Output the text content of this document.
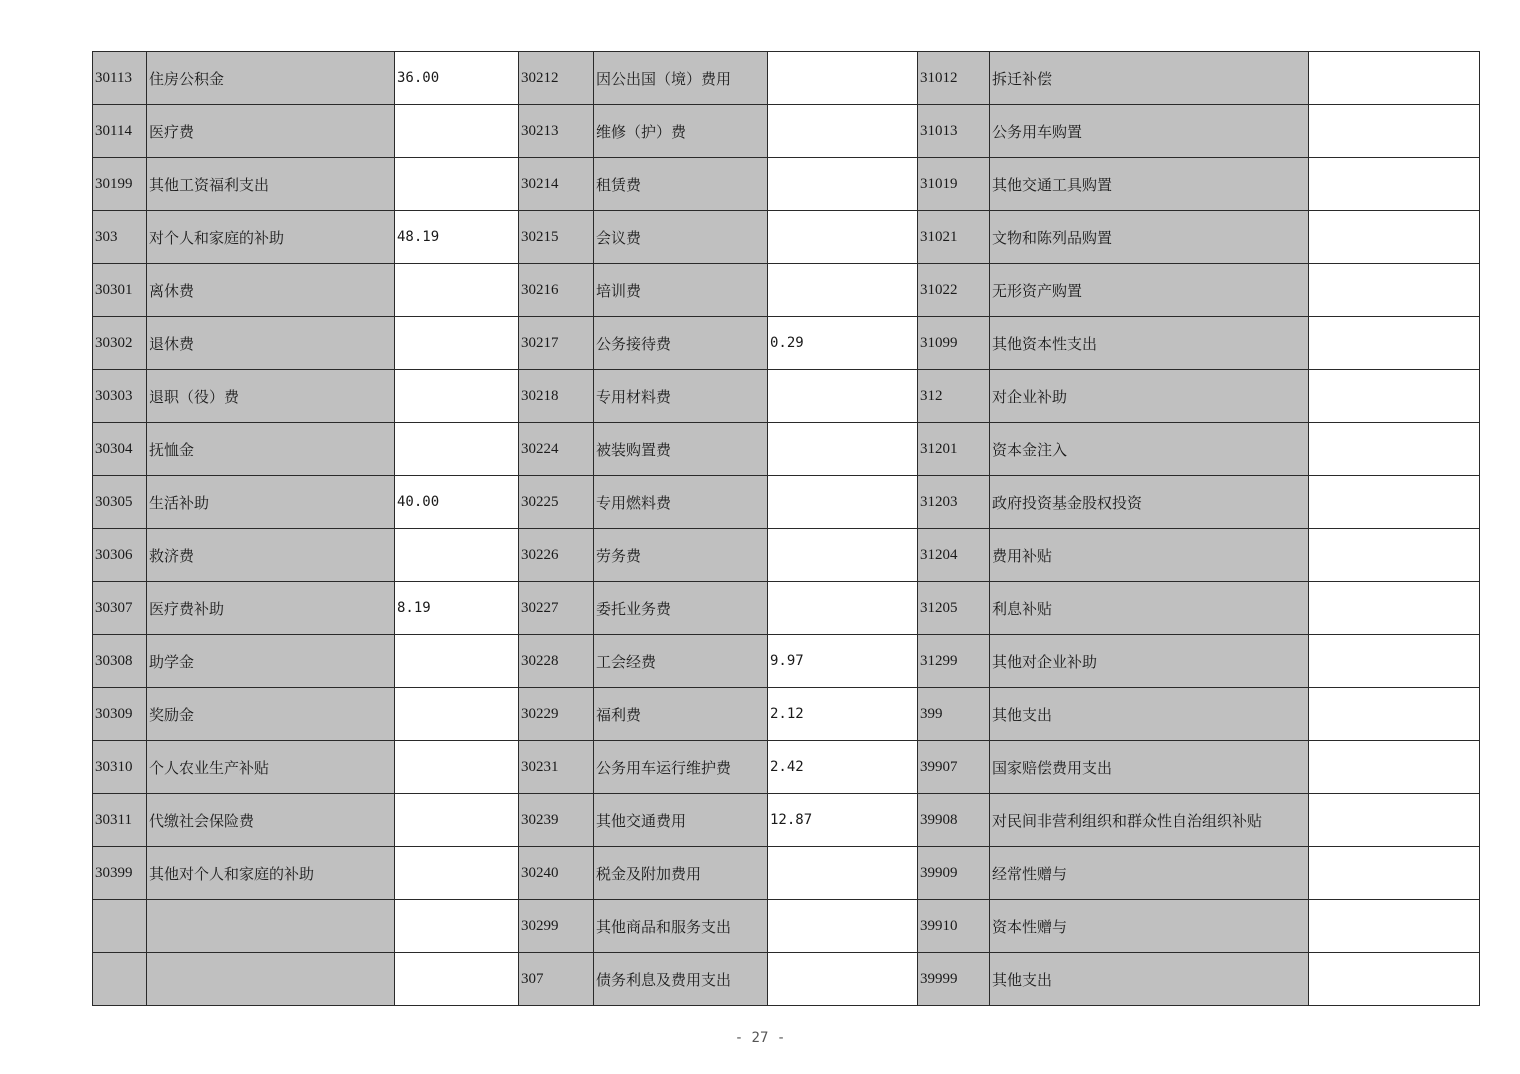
30113	住房公积金	36.00	30212	因公出国（境）费用		31012	拆迁补偿	
30114	医疗费		30213	维修（护）费		31013	公务用车购置	
30199	其他工资福利支出		30214	租赁费		31019	其他交通工具购置	
303	对个人和家庭的补助	48.19	30215	会议费		31021	文物和陈列品购置	
30301	离休费		30216	培训费		31022	无形资产购置	
30302	退休费		30217	公务接待费	0.29	31099	其他资本性支出	
30303	退职（役）费		30218	专用材料费		312	对企业补助	
30304	抚恤金		30224	被装购置费		31201	资本金注入	
30305	生活补助	40.00	30225	专用燃料费		31203	政府投资基金股权投资	
30306	救济费		30226	劳务费		31204	费用补贴	
30307	医疗费补助	8.19	30227	委托业务费		31205	利息补贴	
30308	助学金		30228	工会经费	9.97	31299	其他对企业补助	
30309	奖励金		30229	福利费	2.12	399	其他支出	
30310	个人农业生产补贴		30231	公务用车运行维护费	2.42	39907	国家赔偿费用支出	
30311	代缴社会保险费		30239	其他交通费用	12.87	39908	对民间非营利组织和群众性自治组织补贴	
30399	其他对个人和家庭的补助		30240	税金及附加费用		39909	经常性赠与	
			30299	其他商品和服务支出		39910	资本性赠与	
			307	债务利息及费用支出		39999	其他支出	
- 27 -
